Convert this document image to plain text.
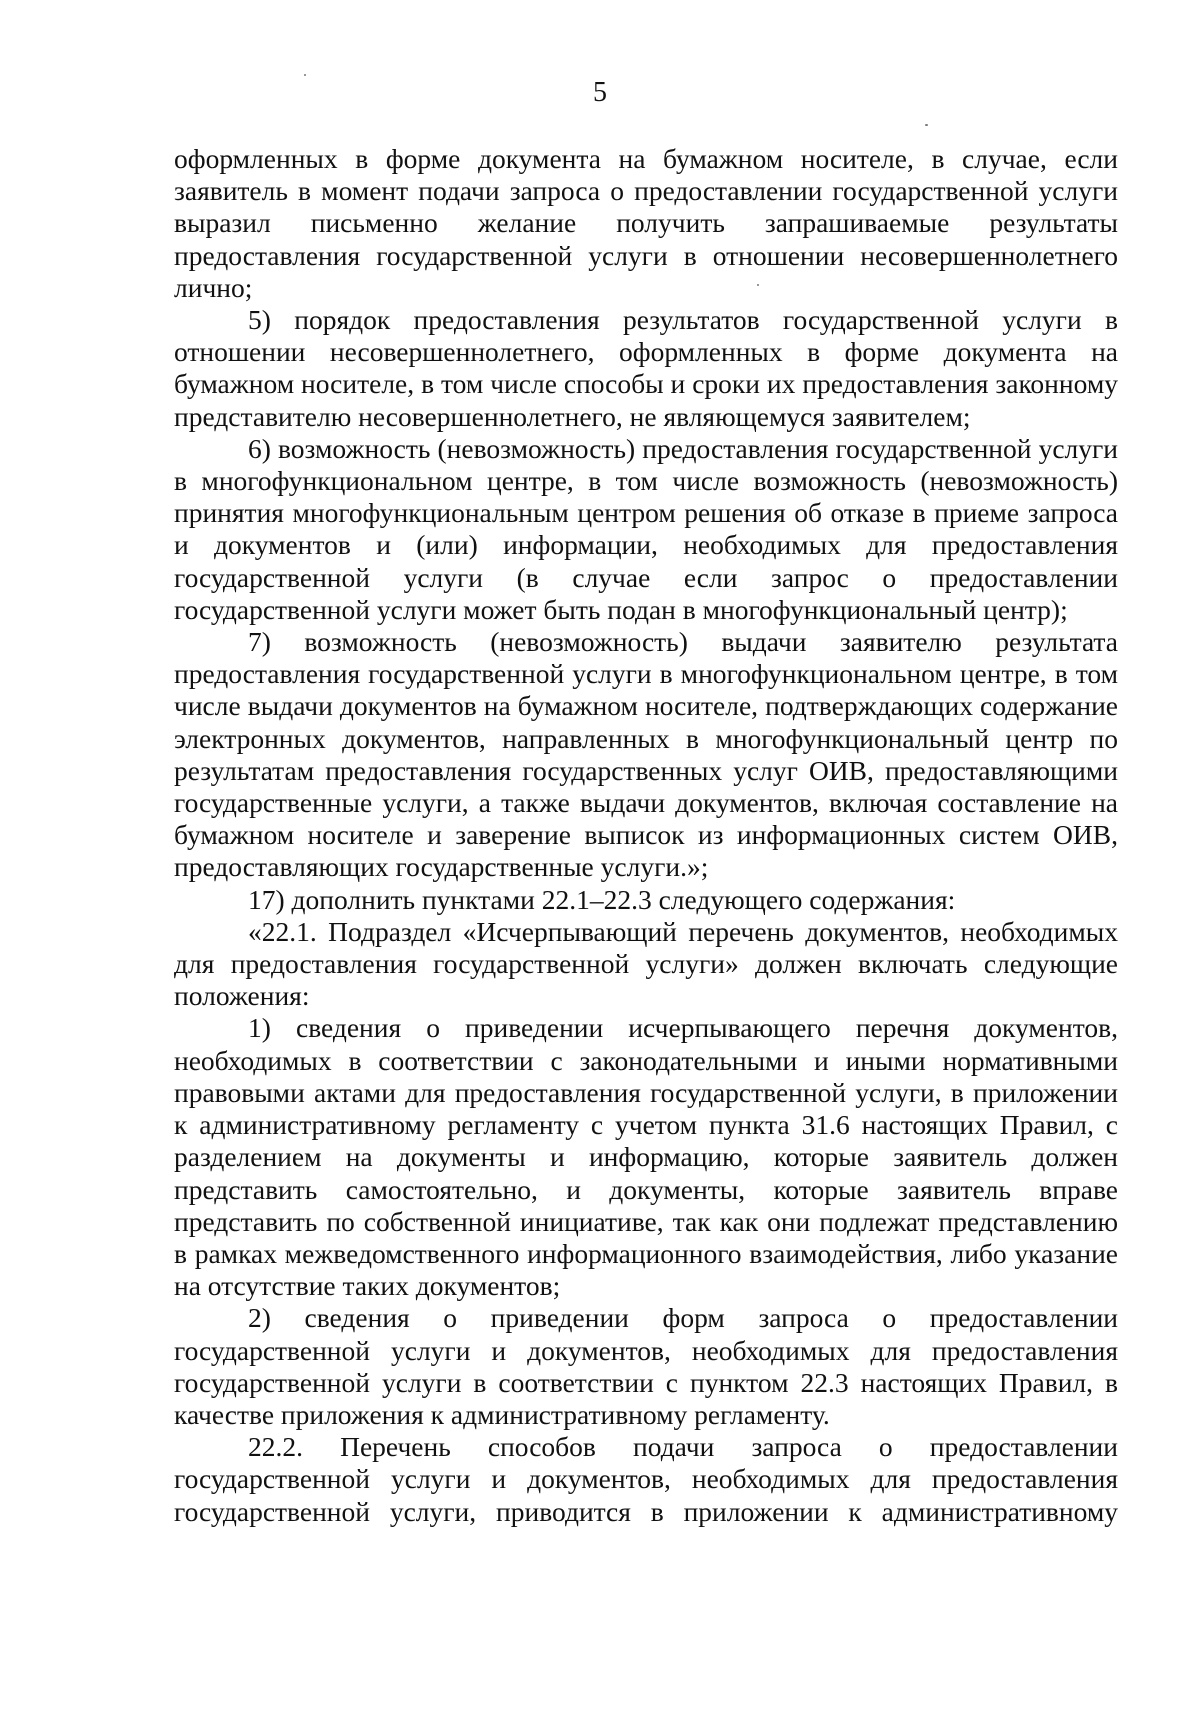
5

оформленных в форме документа на бумажном носителе, в случае, если заявитель в момент подачи запроса о предоставлении государственной услуги выразил письменно желание получить запрашиваемые результаты предоставления государственной услуги в отношении несовершеннолетнего лично;

5) порядок предоставления результатов государственной услуги в отношении несовершеннолетнего, оформленных в форме документа на бумажном носителе, в том числе способы и сроки их предоставления законному представителю несовершеннолетнего, не являющемуся заявителем;

6) возможность (невозможность) предоставления государственной услуги в многофункциональном центре, в том числе возможность (невозможность) принятия многофункциональным центром решения об отказе в приеме запроса и документов и (или) информации, необходимых для предоставления государственной услуги (в случае если запрос о предоставлении государственной услуги может быть подан в многофункциональный центр);

7) возможность (невозможность) выдачи заявителю результата предоставления государственной услуги в многофункциональном центре, в том числе выдачи документов на бумажном носителе, подтверждающих содержание электронных документов, направленных в многофункциональный центр по результатам предоставления государственных услуг ОИВ, предоставляющими государственные услуги, а также выдачи документов, включая составление на бумажном носителе и заверение выписок из информационных систем ОИВ, предоставляющих государственные услуги.»;

17) дополнить пунктами 22.1–22.3 следующего содержания:

«22.1. Подраздел «Исчерпывающий перечень документов, необходимых для предоставления государственной услуги» должен включать следующие положения:

1) сведения о приведении исчерпывающего перечня документов, необходимых в соответствии с законодательными и иными нормативными правовыми актами для предоставления государственной услуги, в приложении к административному регламенту с учетом пункта 31.6 настоящих Правил, с разделением на документы и информацию, которые заявитель должен представить самостоятельно, и документы, которые заявитель вправе представить по собственной инициативе, так как они подлежат представлению в рамках межведомственного информационного взаимодействия, либо указание на отсутствие таких документов;

2) сведения о приведении форм запроса о предоставлении государственной услуги и документов, необходимых для предоставления государственной услуги в соответствии с пунктом 22.3 настоящих Правил, в качестве приложения к административному регламенту.

22.2. Перечень способов подачи запроса о предоставлении государственной услуги и документов, необходимых для предоставления государственной услуги, приводится в приложении к административному
